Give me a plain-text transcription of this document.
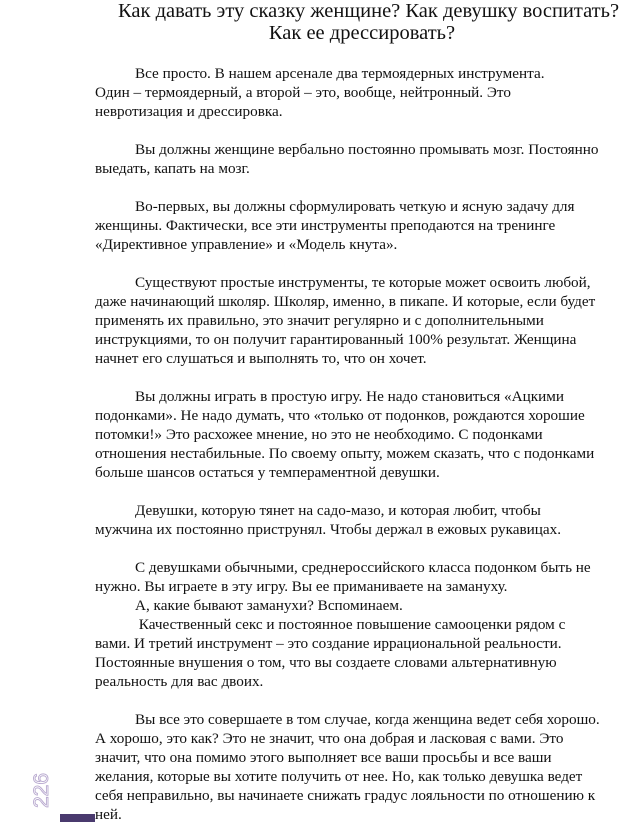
Как давать эту сказку женщине? Как девушку воспитать?
Как ее дрессировать?

Все просто. В нашем арсенале два термоядерных инструмента.
Один – термоядерный, а второй – это, вообще, нейтронный. Это
невротизация и дрессировка.

Вы должны женщине вербально постоянно промывать мозг. Постоянно
выедать, капать на мозг.

Во-первых, вы должны сформулировать четкую и ясную задачу для
женщины. Фактически, все эти инструменты преподаются на тренинге
«Директивное управление» и «Модель кнута».

Существуют простые инструменты, те которые может освоить любой,
даже начинающий школяр. Школяр, именно, в пикапе. И которые, если будет
применять их правильно, это значит регулярно и с дополнительными
инструкциями, то он получит гарантированный 100% результат. Женщина
начнет его слушаться и выполнять то, что он хочет.

Вы должны играть в простую игру. Не надо становиться «Ацкими
подонками». Не надо думать, что «только от подонков, рождаются хорошие
потомки!» Это расхожее мнение, но это не необходимо. С подонками
отношения нестабильные. По своему опыту, можем сказать, что с подонками
больше шансов остаться у темпераментной девушки.

Девушки, которую тянет на садо-мазо, и которая любит, чтобы
мужчина их постоянно приструнял. Чтобы держал в ежовых рукавицах.

С девушками обычными, среднероссийского класса подонком быть не
нужно. Вы играете в эту игру. Вы ее приманиваете на замануху.

А, какие бывают заманухи? Вспоминаем.

Качественный секс и постоянное повышение самооценки рядом с
вами. И третий инструмент – это создание иррациональной реальности.
Постоянные внушения о том, что вы создаете словами альтернативную
реальность для вас двоих.

Вы все это совершаете в том случае, когда женщина ведет себя хорошо.
А хорошо, это как? Это не значит, что она добрая и ласковая с вами. Это
значит, что она помимо этого выполняет все ваши просьбы и все ваши
желания, которые вы хотите получить от нее. Но, как только девушка ведет
себя неправильно, вы начинаете снижать градус лояльности по отношению к
ней.

226
